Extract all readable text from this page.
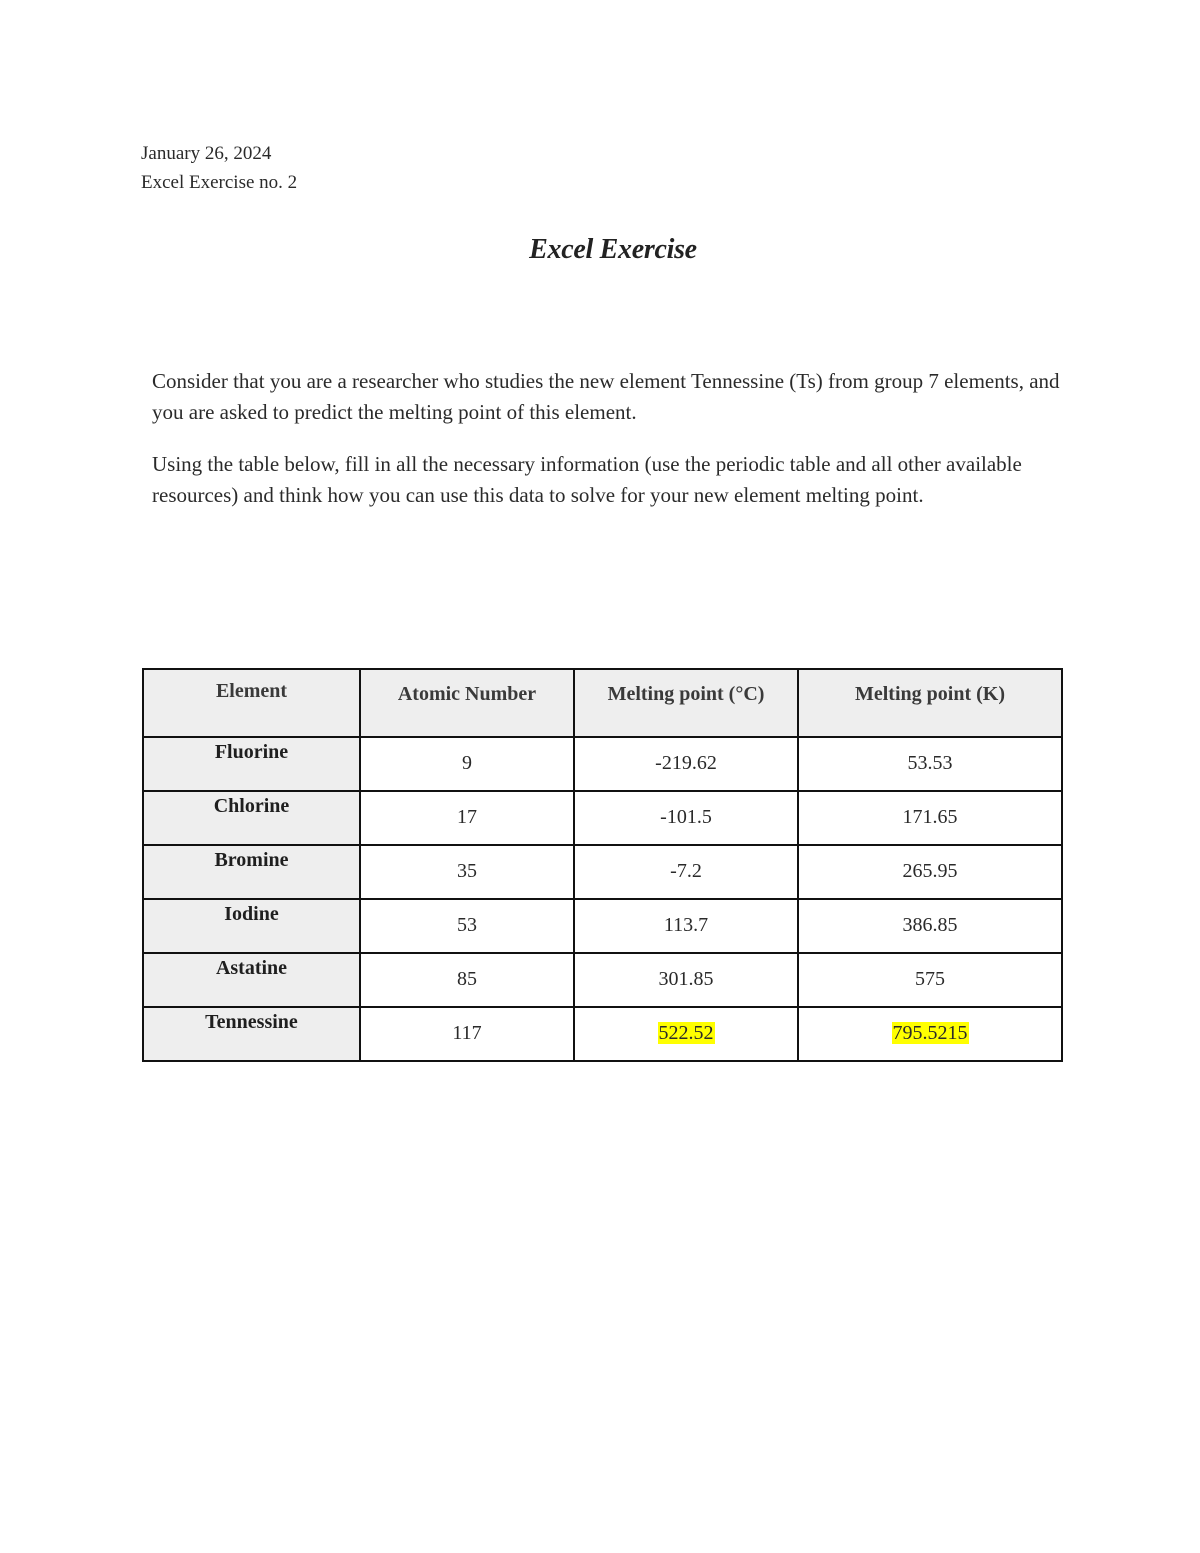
January 26, 2024
Excel Exercise no. 2
Excel Exercise

Consider that you are a researcher who studies the new element Tennessine (Ts) from group 7 elements, and you are asked to predict the melting point of this element.

Using the table below, fill in all the necessary information (use the periodic table and all other available resources) and think how you can use this data to solve for your new element melting point.

Element	Atomic Number	Melting point (°C)	Melting point (K)
Fluorine	9	-219.62	53.53
Chlorine	17	-101.5	171.65
Bromine	35	-7.2	265.95
Iodine	53	113.7	386.85
Astatine	85	301.85	575
Tennessine	117	522.52	795.5215
